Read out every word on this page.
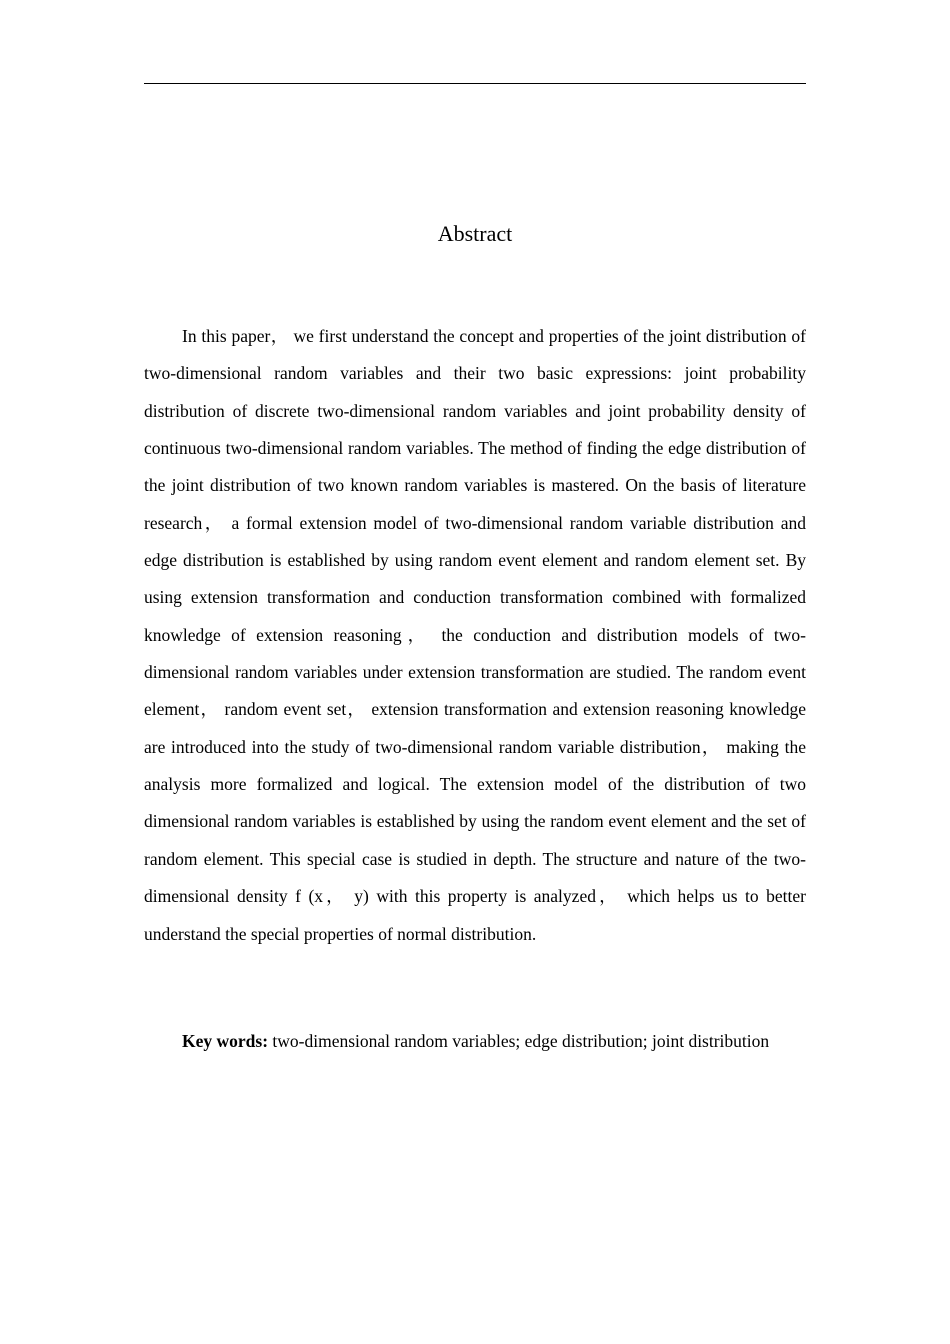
Abstract

In this paper， we first understand the concept and properties of the joint distribution of two-dimensional random variables and their two basic expressions: joint probability distribution of discrete two-dimensional random variables and joint probability density of continuous two-dimensional random variables. The method of finding the edge distribution of the joint distribution of two known random variables is mastered. On the basis of literature research， a formal extension model of two-dimensional random variable distribution and edge distribution is established by using random event element and random element set. By using extension transformation and conduction transformation combined with formalized knowledge of extension reasoning， the conduction and distribution models of two-dimensional random variables under extension transformation are studied. The random event element， random event set， extension transformation and extension reasoning knowledge are introduced into the study of two-dimensional random variable distribution， making the analysis more formalized and logical. The extension model of the distribution of two dimensional random variables is established by using the random event element and the set of random element. This special case is studied in depth. The structure and nature of the two-dimensional density f (x， y) with this property is analyzed， which helps us to better understand the special properties of normal distribution.

Key words: two-dimensional random variables; edge distribution; joint distribution
